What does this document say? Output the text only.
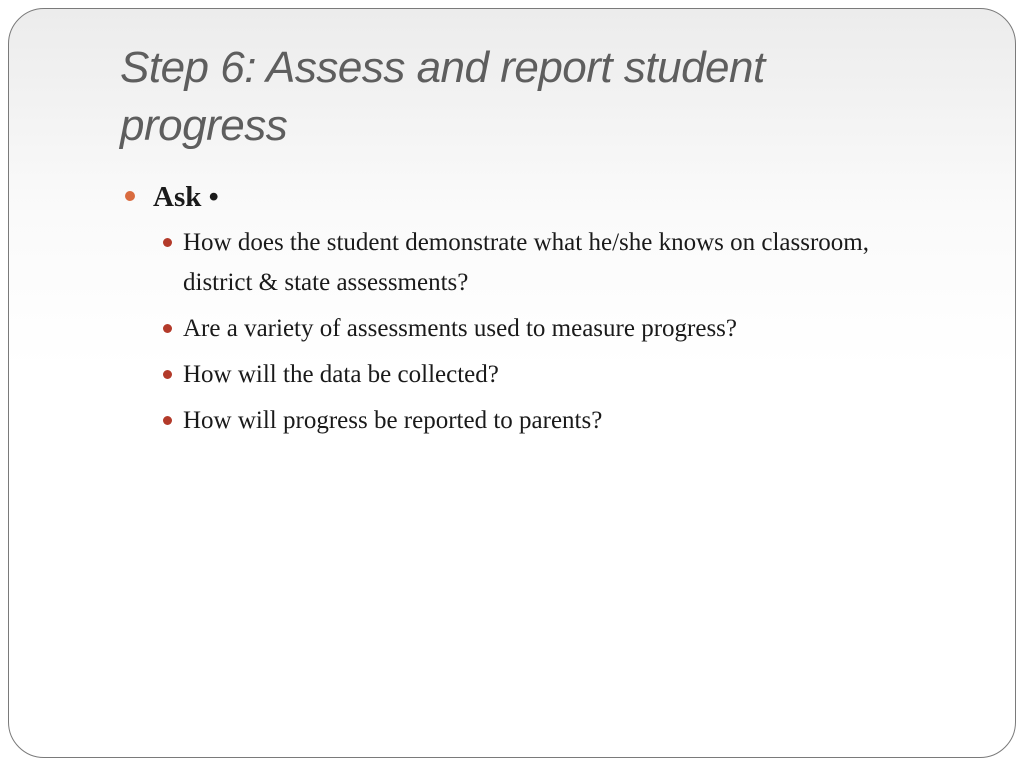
Step 6: Assess and report student progress
Ask •
How does the student demonstrate what he/she knows on classroom, district & state assessments?
Are a variety of assessments used to measure progress?
How will the data be collected?
How will progress be reported to parents?
